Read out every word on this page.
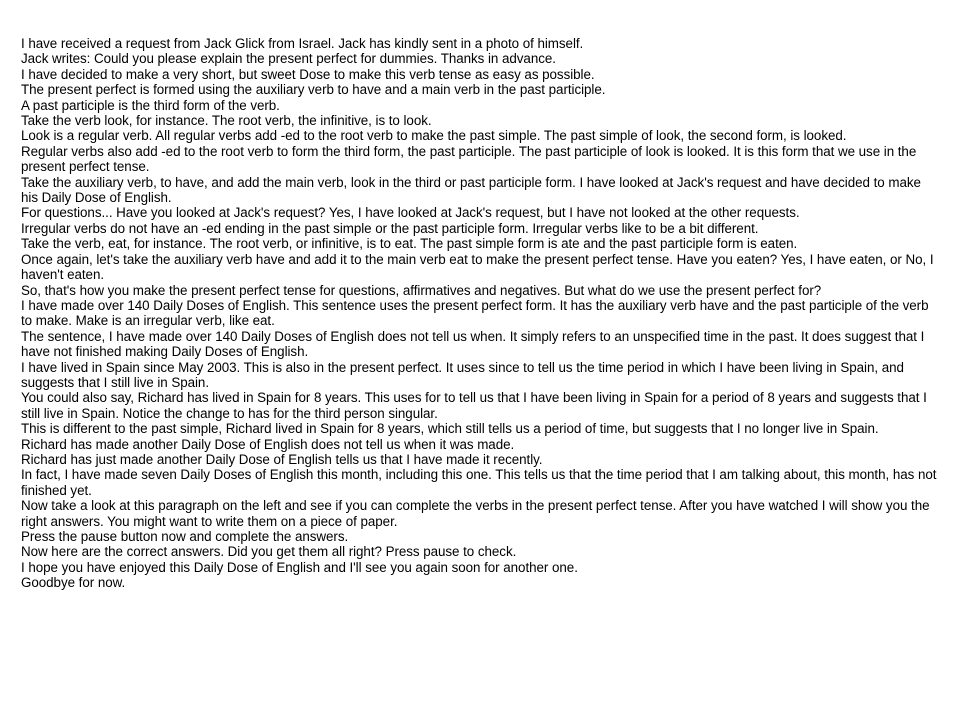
I have received a request from Jack Glick from Israel. Jack has kindly sent in a photo of himself.

Jack writes: Could you please explain the present perfect for dummies. Thanks in advance.

I have decided to make a very short, but sweet Dose to make this verb tense as easy as possible.

The present perfect is formed using the auxiliary verb to have and a main verb in the past participle.

A past participle is the third form of the verb.

Take the verb look, for instance. The root verb, the infinitive, is to look.

Look is a regular verb. All regular verbs add -ed to the root verb to make the past simple. The past simple of look, the second form, is looked.

Regular verbs also add -ed to the root verb to form the third form, the past participle. The past participle of look is looked. It is this form that we use in the present perfect tense.

Take the auxiliary verb, to have, and add the main verb, look in the third or past participle form. I have looked at Jack's request and have decided to make his Daily Dose of English.

For questions... Have you looked at Jack's request? Yes, I have looked at Jack's request, but I have not looked at the other requests.

Irregular verbs do not have an -ed ending in the past simple or the past participle form. Irregular verbs like to be a bit different.

Take the verb, eat, for instance. The root verb, or infinitive, is to eat. The past simple form is ate and the past participle form is eaten.

Once again, let's take the auxiliary verb have and add it to the main verb eat to make the present perfect tense. Have you eaten? Yes, I have eaten, or No, I haven't eaten.

So, that's how you make the present perfect tense for questions, affirmatives and negatives. But what do we use the present perfect for?

I have made over 140 Daily Doses of English. This sentence uses the present perfect form. It has the auxiliary verb have and the past participle of the verb to make. Make is an irregular verb, like eat.

The sentence, I have made over 140 Daily Doses of English does not tell us when. It simply refers to an unspecified time in the past. It does suggest that I have not finished making Daily Doses of English.

I have lived in Spain since May 2003. This is also in the present perfect. It uses since to tell us the time period in which I have been living in Spain, and suggests that I still live in Spain.

You could also say, Richard has lived in Spain for 8 years. This uses for to tell us that I have been living in Spain for a period of 8 years and suggests that I still live in Spain. Notice the change to has for the third person singular.

This is different to the past simple, Richard lived in Spain for 8 years, which still tells us a period of time, but suggests that I no longer live in Spain.

Richard has made another Daily Dose of English does not tell us when it was made.

Richard has just made another Daily Dose of English tells us that I have made it recently.

In fact, I have made seven Daily Doses of English this month, including this one. This tells us that the time period that I am talking about, this month, has not finished yet.

Now take a look at this paragraph on the left and see if you can complete the verbs in the present perfect tense. After you have watched I will show you the right answers. You might want to write them on a piece of paper.

Press the pause button now and complete the answers.

Now here are the correct answers. Did you get them all right? Press pause to check.

I hope you have enjoyed this Daily Dose of English and I'll see you again soon for another one.

Goodbye for now.
